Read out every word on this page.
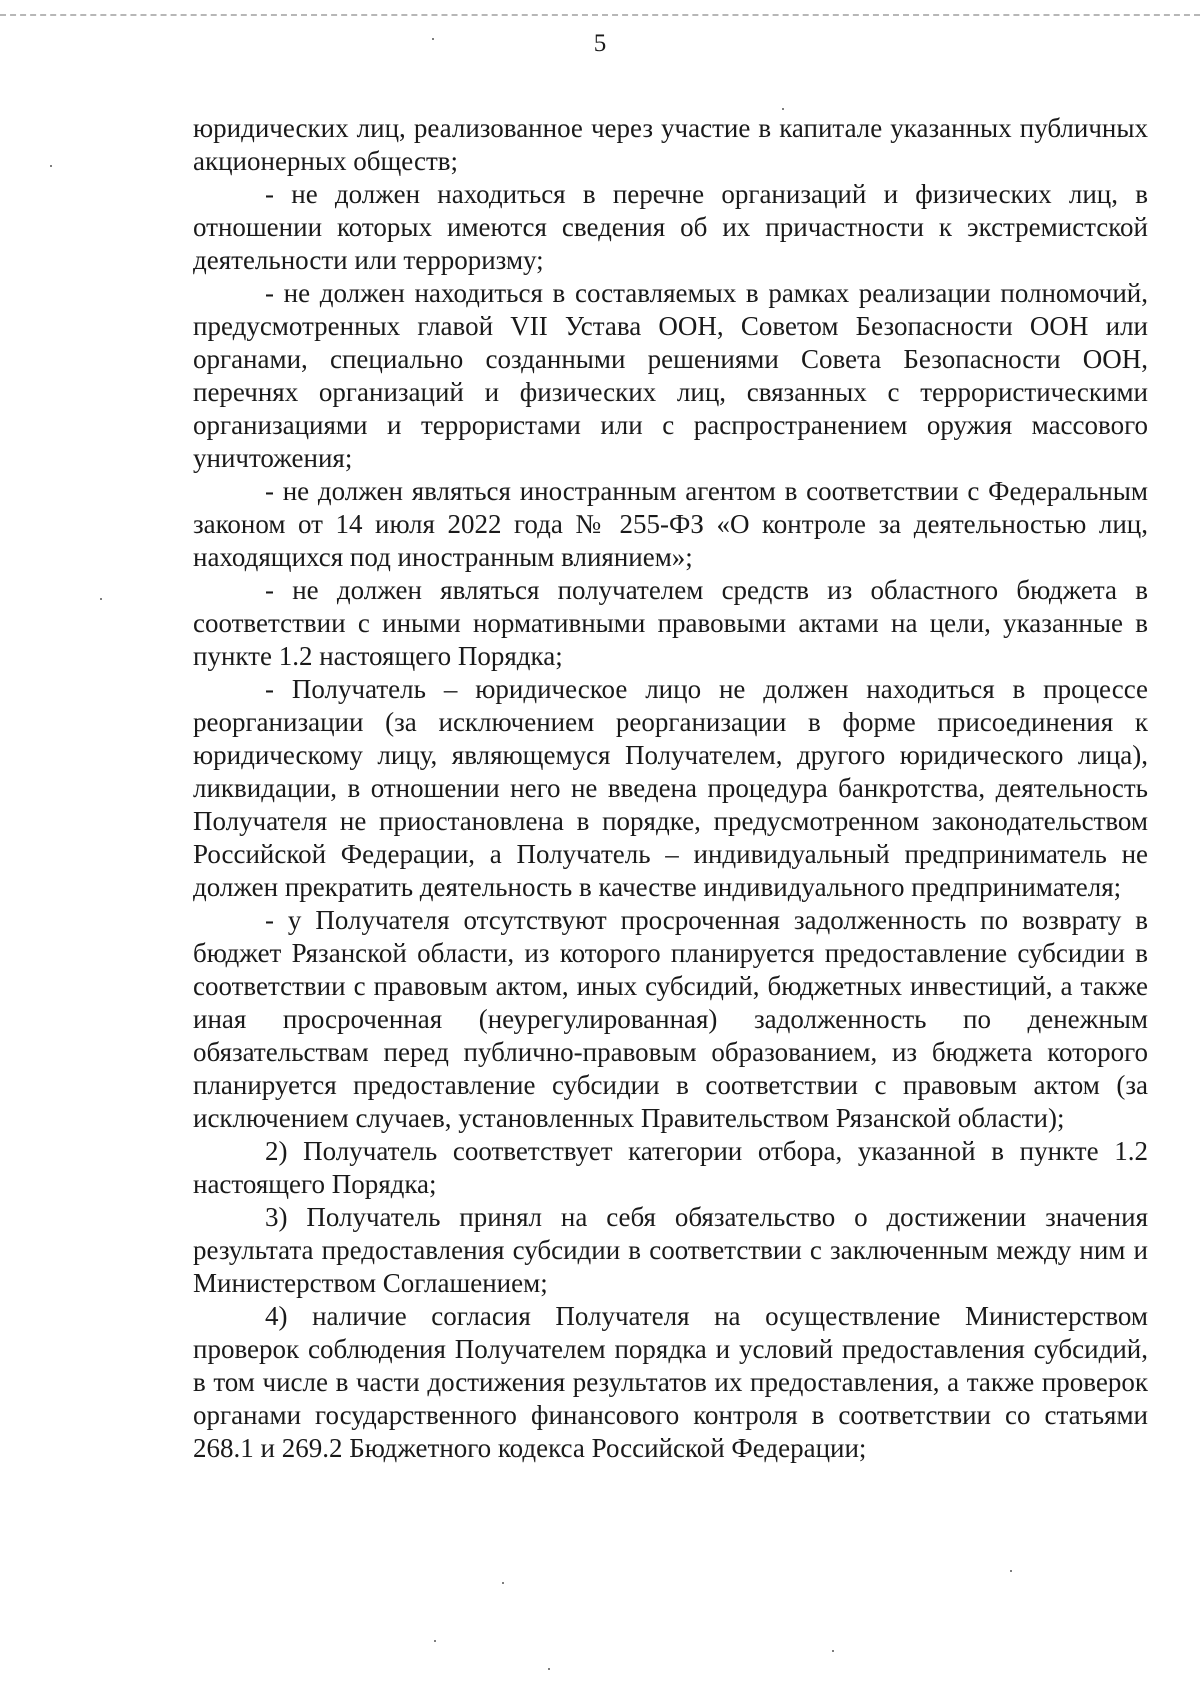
5

юридических лиц, реализованное через участие в капитале указанных публичных акционерных обществ;

- не должен находиться в перечне организаций и физических лиц, в отношении которых имеются сведения об их причастности к экстремистской деятельности или терроризму;

- не должен находиться в составляемых в рамках реализации полномочий, предусмотренных главой VII Устава ООН, Советом Безопасности ООН или органами, специально созданными решениями Совета Безопасности ООН, перечнях организаций и физических лиц, связанных с террористическими организациями и террористами или с распространением оружия массового уничтожения;

- не должен являться иностранным агентом в соответствии с Федеральным законом от 14 июля 2022 года № 255-ФЗ «О контроле за деятельностью лиц, находящихся под иностранным влиянием»;

- не должен являться получателем средств из областного бюджета в соответствии с иными нормативными правовыми актами на цели, указанные в пункте 1.2 настоящего Порядка;

- Получатель – юридическое лицо не должен находиться в процессе реорганизации (за исключением реорганизации в форме присоединения к юридическому лицу, являющемуся Получателем, другого юридического лица), ликвидации, в отношении него не введена процедура банкротства, деятельность Получателя не приостановлена в порядке, предусмотренном законодательством Российской Федерации, а Получатель – индивидуальный предприниматель не должен прекратить деятельность в качестве индивидуального предпринимателя;

- у Получателя отсутствуют просроченная задолженность по возврату в бюджет Рязанской области, из которого планируется предоставление субсидии в соответствии с правовым актом, иных субсидий, бюджетных инвестиций, а также иная просроченная (неурегулированная) задолженность по денежным обязательствам перед публично-правовым образованием, из бюджета которого планируется предоставление субсидии в соответствии с правовым актом (за исключением случаев, установленных Правительством Рязанской области);

2) Получатель соответствует категории отбора, указанной в пункте 1.2 настоящего Порядка;

3) Получатель принял на себя обязательство о достижении значения результата предоставления субсидии в соответствии с заключенным между ним и Министерством Соглашением;

4) наличие согласия Получателя на осуществление Министерством проверок соблюдения Получателем порядка и условий предоставления субсидий, в том числе в части достижения результатов их предоставления, а также проверок органами государственного финансового контроля в соответствии со статьями 268.1 и 269.2 Бюджетного кодекса Российской Федерации;
